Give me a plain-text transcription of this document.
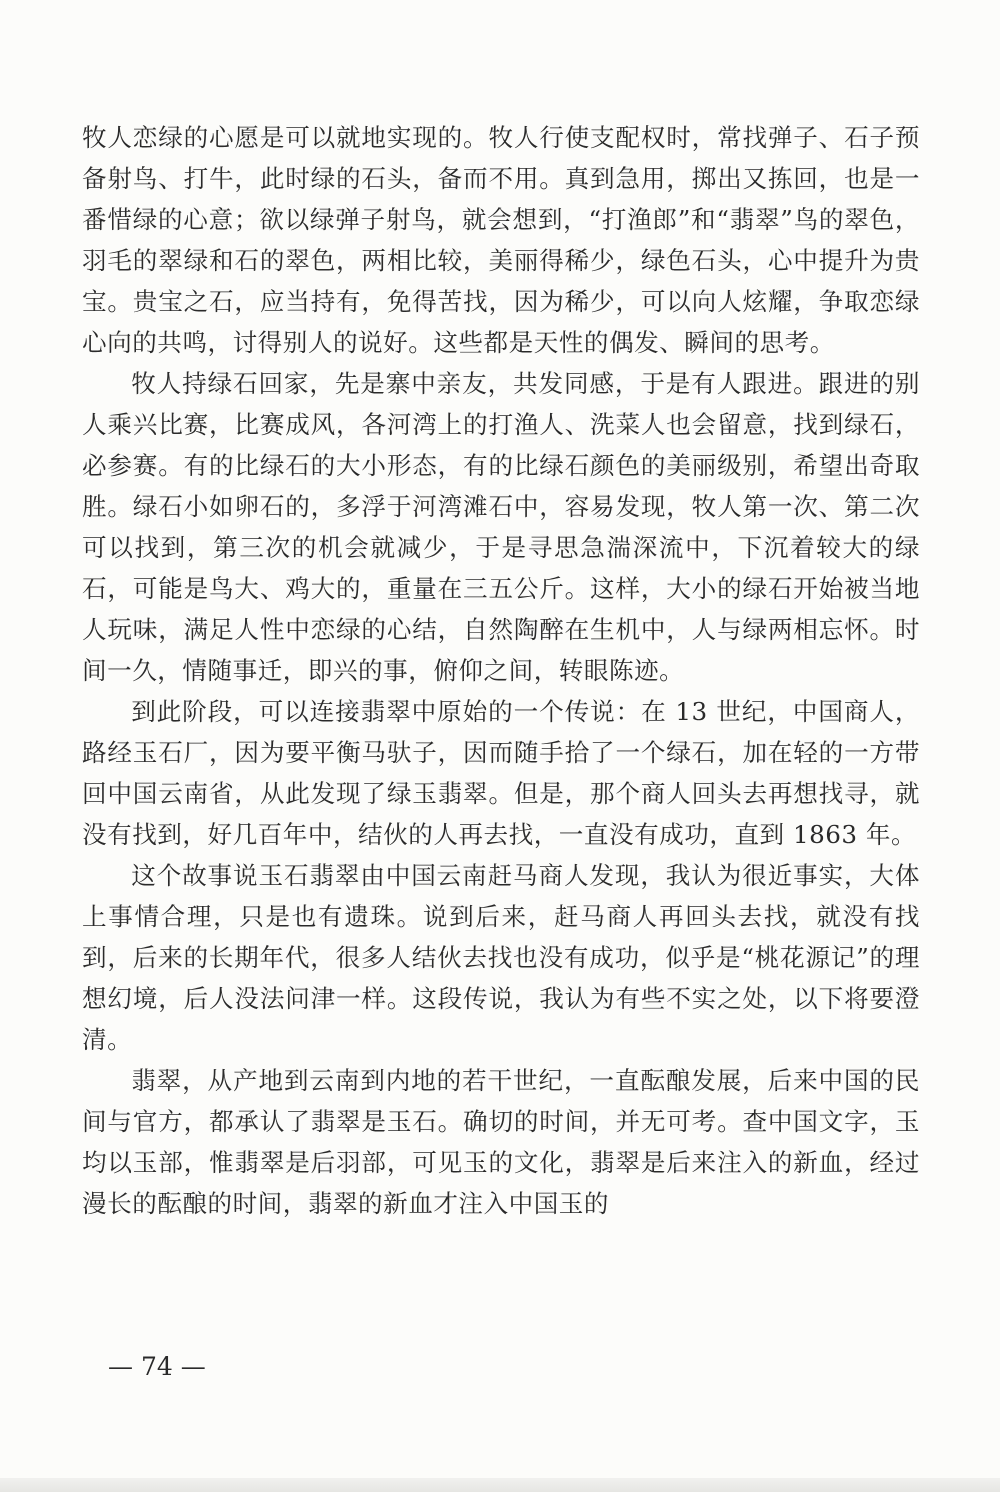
牧人恋绿的心愿是可以就地实现的。牧人行使支配权时，常找弹子、石子预备射鸟、打牛，此时绿的石头，备而不用。真到急用，掷出又拣回，也是一番惜绿的心意；欲以绿弹子射鸟，就会想到，“打渔郎”和“翡翠”鸟的翠色，羽毛的翠绿和石的翠色，两相比较，美丽得稀少，绿色石头，心中提升为贵宝。贵宝之石，应当持有，免得苦找，因为稀少，可以向人炫耀，争取恋绿心向的共鸣，讨得别人的说好。这些都是天性的偶发、瞬间的思考。

牧人持绿石回家，先是寨中亲友，共发同感，于是有人跟进。跟进的别人乘兴比赛，比赛成风，各河湾上的打渔人、洗菜人也会留意，找到绿石，必参赛。有的比绿石的大小形态，有的比绿石颜色的美丽级别，希望出奇取胜。绿石小如卵石的，多浮于河湾滩石中，容易发现，牧人第一次、第二次可以找到，第三次的机会就减少，于是寻思急湍深流中，下沉着较大的绿石，可能是鸟大、鸡大的，重量在三五公斤。这样，大小的绿石开始被当地人玩味，满足人性中恋绿的心结，自然陶醉在生机中，人与绿两相忘怀。时间一久，情随事迁，即兴的事，俯仰之间，转眼陈迹。

到此阶段，可以连接翡翠中原始的一个传说：在 13 世纪，中国商人，路经玉石厂，因为要平衡马驮子，因而随手拾了一个绿石，加在轻的一方带回中国云南省，从此发现了绿玉翡翠。但是，那个商人回头去再想找寻，就没有找到，好几百年中，结伙的人再去找，一直没有成功，直到 1863 年。

这个故事说玉石翡翠由中国云南赶马商人发现，我认为很近事实，大体上事情合理，只是也有遗珠。说到后来，赶马商人再回头去找，就没有找到，后来的长期年代，很多人结伙去找也没有成功，似乎是“桃花源记”的理想幻境，后人没法问津一样。这段传说，我认为有些不实之处，以下将要澄清。

翡翠，从产地到云南到内地的若干世纪，一直酝酿发展，后来中国的民间与官方，都承认了翡翠是玉石。确切的时间，并无可考。查中国文字，玉均以玉部，惟翡翠是后羽部，可见玉的文化，翡翠是后来注入的新血，经过漫长的酝酿的时间，翡翠的新血才注入中国玉的

— 74 —
